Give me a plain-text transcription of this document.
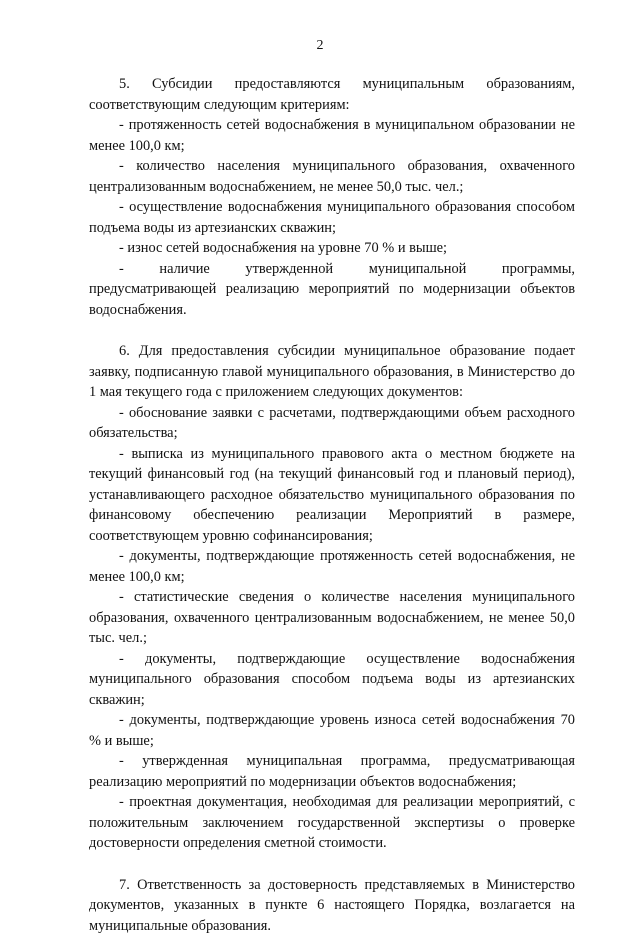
2

5. Субсидии предоставляются муниципальным образованиям, соответствующим следующим критериям:

- протяженность сетей водоснабжения в муниципальном образовании не менее 100,0 км;

- количество населения муниципального образования, охваченного централизованным водоснабжением, не менее 50,0 тыс. чел.;

- осуществление водоснабжения муниципального образования способом подъема воды из артезианских скважин;

- износ сетей водоснабжения на уровне 70 % и выше;

- наличие утвержденной муниципальной программы, предусматривающей реализацию мероприятий по модернизации объектов водоснабжения.

6. Для предоставления субсидии муниципальное образование подает заявку, подписанную главой муниципального образования, в Министерство до 1 мая текущего года с приложением следующих документов:

- обоснование заявки с расчетами, подтверждающими объем расходного обязательства;

- выписка из муниципального правового акта о местном бюджете на текущий финансовый год (на текущий финансовый год и плановый период), устанавливающего расходное обязательство муниципального образования по финансовому обеспечению реализации Мероприятий в размере, соответствующем уровню софинансирования;

- документы, подтверждающие протяженность сетей водоснабжения, не менее 100,0 км;

- статистические сведения о количестве населения муниципального образования, охваченного централизованным водоснабжением, не менее 50,0 тыс. чел.;

- документы, подтверждающие осуществление водоснабжения муниципального образования способом подъема воды из артезианских скважин;

- документы, подтверждающие уровень износа сетей водоснабжения 70 % и выше;

- утвержденная муниципальная программа, предусматривающая реализацию мероприятий по модернизации объектов водоснабжения;

- проектная документация, необходимая для реализации мероприятий, с положительным заключением государственной экспертизы о проверке достоверности определения сметной стоимости.

7. Ответственность за достоверность представляемых в Министерство документов, указанных в пункте 6 настоящего Порядка, возлагается на муниципальные образования.
